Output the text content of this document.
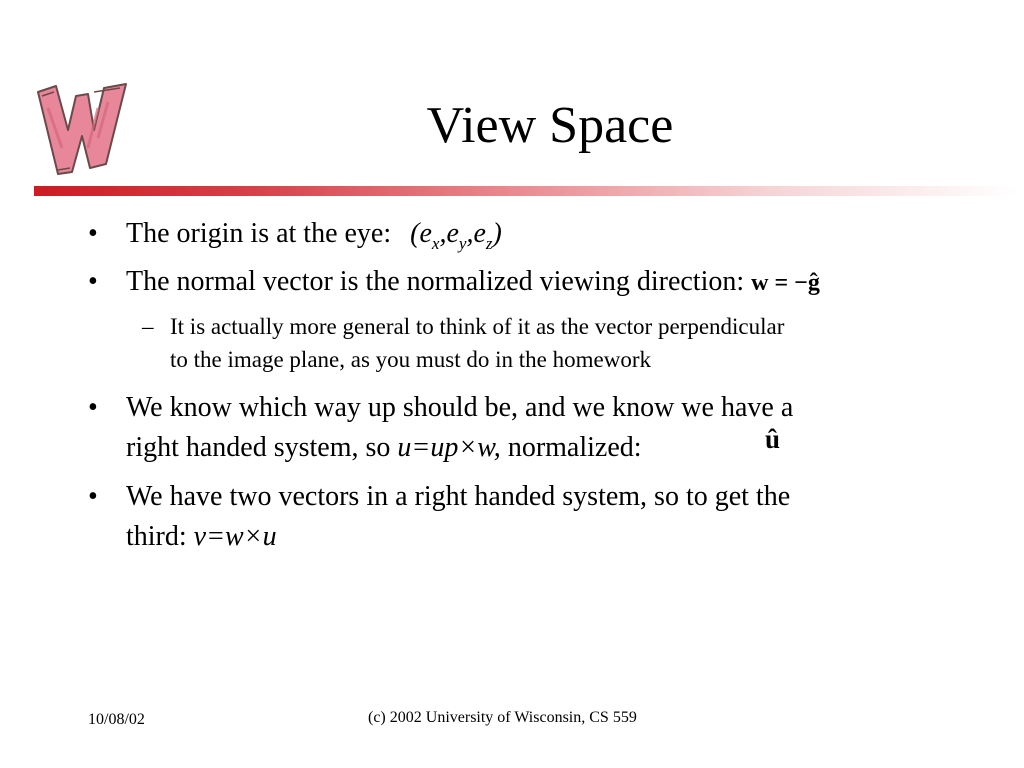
View Space

• The origin is at the eye: $(e_x,e_y,e_z)$

• The normal vector is the normalized viewing direction: w = −ĝ

– It is actually more general to think of it as the vector perpendicular

to the image plane, as you must do in the homework

• We know which way up should be, and we know we have a

right handed system, so u=up×w, normalized:	û

• We have two vectors in a right handed system, so to get the

third: v=w×u

10/08/02	(c) 2002 University of Wisconsin, CS 559
